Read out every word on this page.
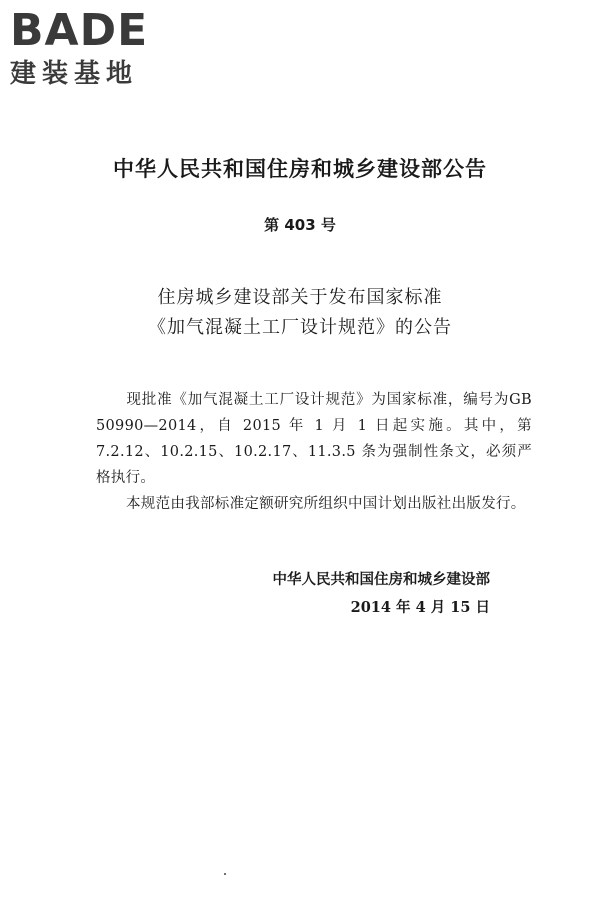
BADE
建装基地
中华人民共和国住房和城乡建设部公告
第 403 号
住房城乡建设部关于发布国家标准
《加气混凝土工厂设计规范》的公告

现批准《加气混凝土工厂设计规范》为国家标准，编号为GB 50990—2014，自 2015 年 1 月 1 日起实施。其中，第7.2.12、10.2.15、10.2.17、11.3.5 条为强制性条文，必须严格执行。

本规范由我部标准定额研究所组织中国计划出版社出版发行。

中华人民共和国住房和城乡建设部
2014 年 4 月 15 日
